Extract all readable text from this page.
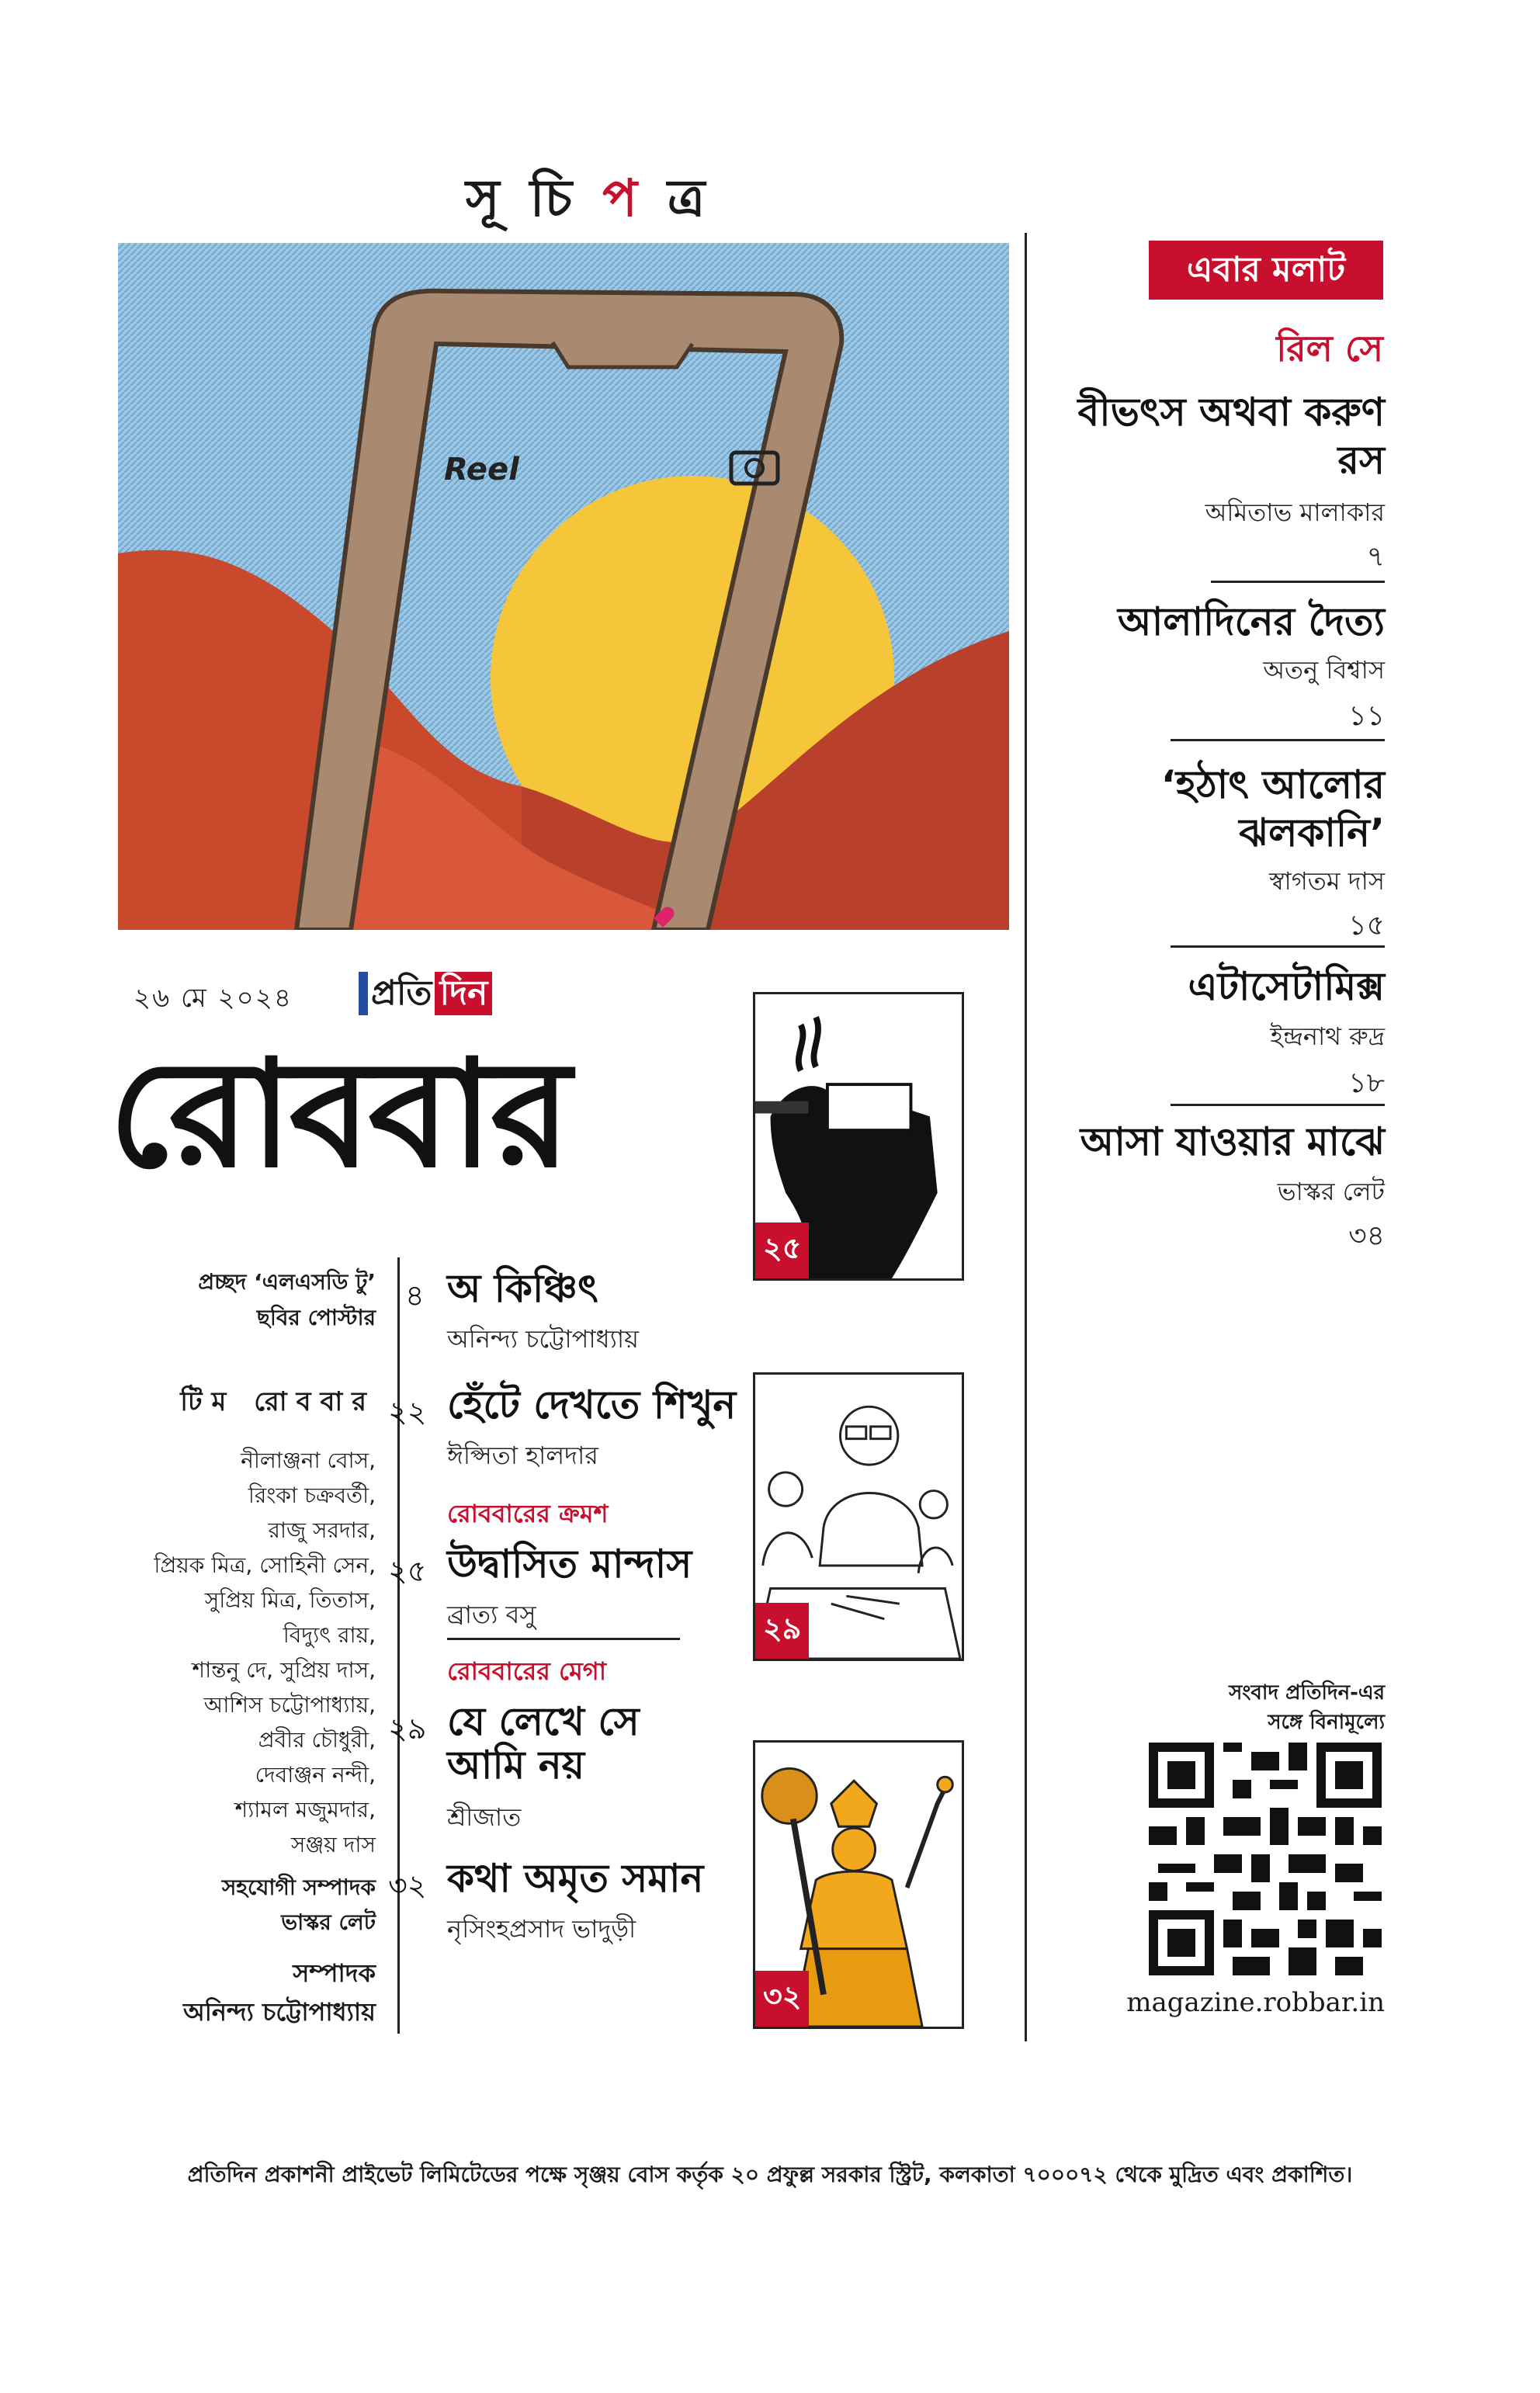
সূ চি প ত্র
Reel
এবার মলাট
রিল সে
বীভৎস অথবা করুণ রস
অমিতাভ মালাকার
৭
আলাদিনের দৈত্য
অতনু বিশ্বাস
১১
‘হঠাৎ আলোর ঝলকানি’
স্বাগতম দাস
১৫
এটাসেটামিক্স
ইন্দ্রনাথ রুদ্র
১৮
আসা যাওয়ার মাঝে
ভাস্কর লেট
৩৪
২৬ মে ২০২৪	প্রতি দিন
রোববার
২৫
২৯
৩২
প্রচ্ছদ ‘এলএসডি টু’
ছবির পোস্টার
টিম রোববার
নীলাঞ্জনা বোস,
রিংকা চক্রবর্তী,
রাজু সরদার,
প্রিয়ক মিত্র, সোহিনী সেন,
সুপ্রিয় মিত্র, তিতাস,
বিদ্যুৎ রায়,
শান্তনু দে, সুপ্রিয় দাস,
আশিস চট্টোপাধ্যায়,
প্রবীর চৌধুরী,
দেবাঞ্জন নন্দী,
শ্যামল মজুমদার,
সঞ্জয় দাস
সহযোগী সম্পাদক
ভাস্কর লেট
সম্পাদক
অনিন্দ্য চট্টোপাধ্যায়
৪ অ কিঞ্চিৎ
অনিন্দ্য চট্টোপাধ্যায়
২২ হেঁটে দেখতে শিখুন
ঈপ্সিতা হালদার
রোববারের ক্রমশ
২৫ উদ্বাসিত মান্দাস
ব্রাত্য বসু
রোববারের মেগা
২৯ যে লেখে সে আমি নয়
শ্রীজাত
৩২ কথা অমৃত সমান
নৃসিংহপ্রসাদ ভাদুড়ী
সংবাদ প্রতিদিন-এর
সঙ্গে বিনামূল্যে
magazine.robbar.in
প্রতিদিন প্রকাশনী প্রাইভেট লিমিটেডের পক্ষে সৃঞ্জয় বোস কর্তৃক ২০ প্রফুল্ল সরকার স্ট্রিট, কলকাতা ৭০০০৭২ থেকে মুদ্রিত এবং প্রকাশিত।
